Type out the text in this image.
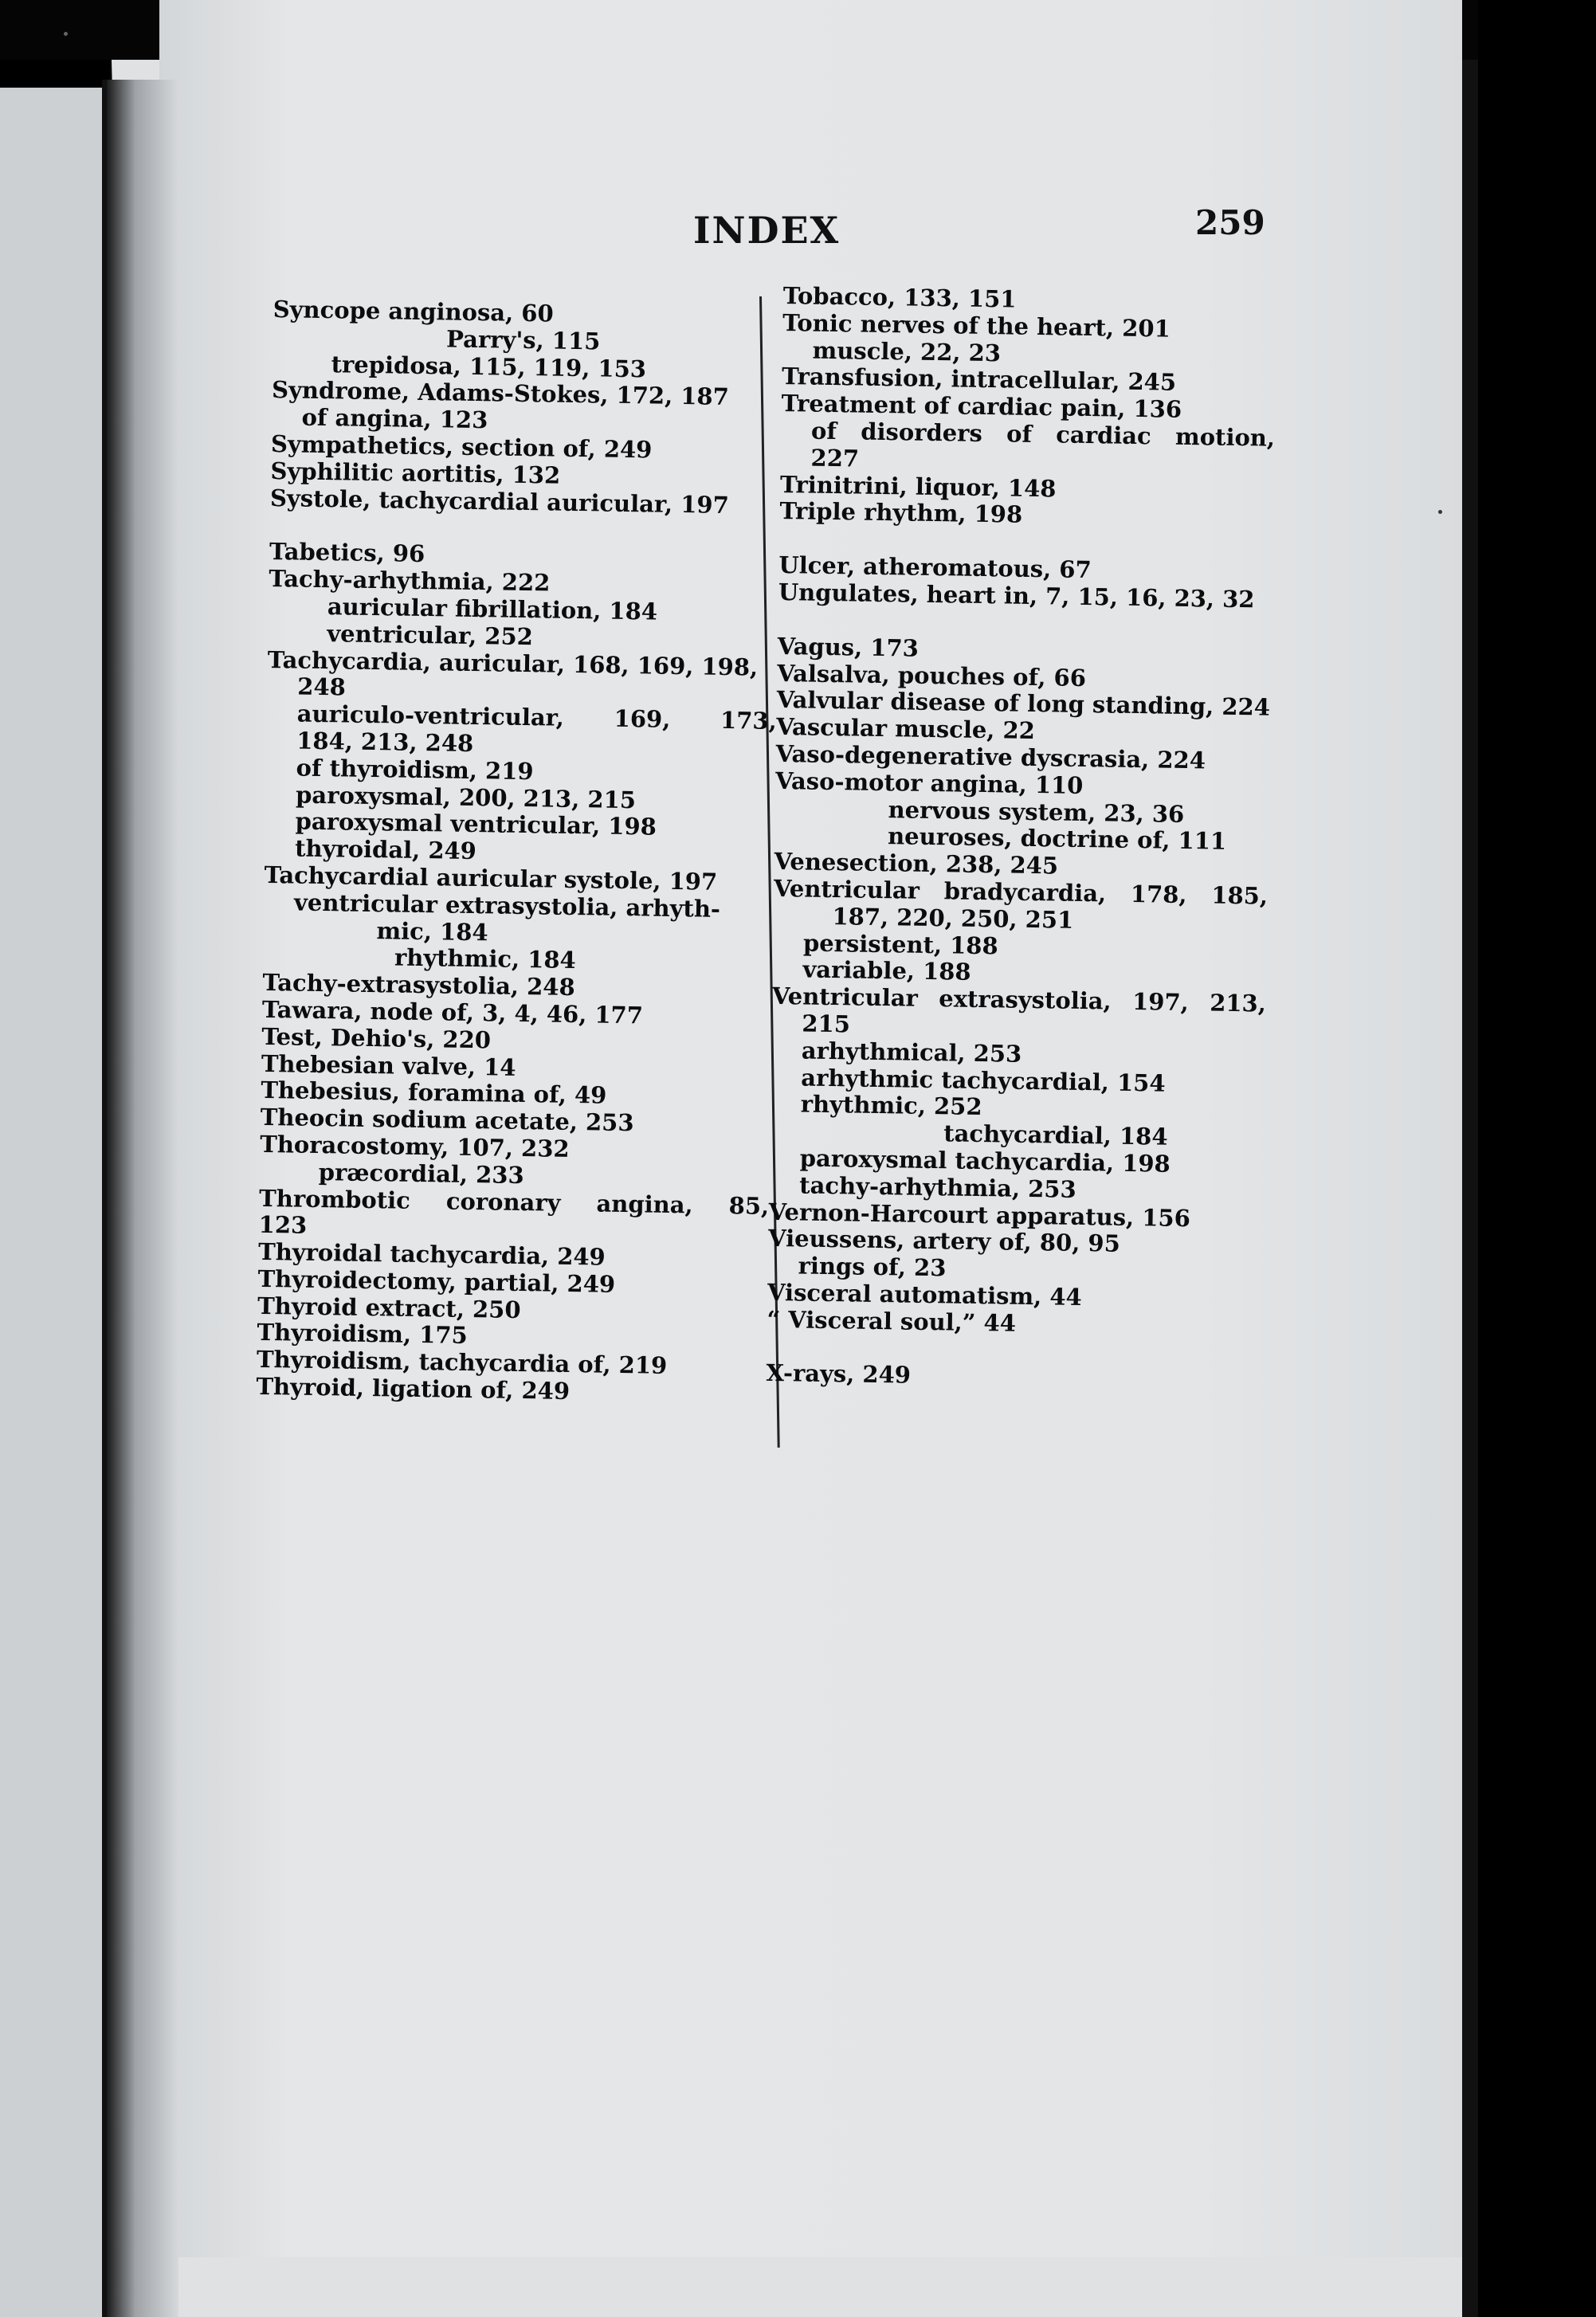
INDEX	259
Syncope anginosa, 60
Parry's, 115
trepidosa, 115, 119, 153
Syndrome, Adams-Stokes, 172, 187
of angina, 123
Sympathetics, section of, 249
Syphilitic aortitis, 132
Systole, tachycardial auricular, 197
Tabetics, 96
Tachy-arhythmia, 222
auricular fibrillation, 184
ventricular, 252
Tachycardia, auricular, 168, 169, 198,
248
auriculo-ventricular, 169, 173,
184, 213, 248
of thyroidism, 219
paroxysmal, 200, 213, 215
paroxysmal ventricular, 198
thyroidal, 249
Tachycardial auricular systole, 197
ventricular extrasystolia, arhyth-
mic, 184
rhythmic, 184
Tachy-extrasystolia, 248
Tawara, node of, 3, 4, 46, 177
Test, Dehio's, 220
Thebesian valve, 14
Thebesius, foramina of, 49
Theocin sodium acetate, 253
Thoracostomy, 107, 232
præcordial, 233
Thrombotic coronary angina, 85,
123
Thyroidal tachycardia, 249
Thyroidectomy, partial, 249
Thyroid extract, 250
Thyroidism, 175
Thyroidism, tachycardia of, 219
Thyroid, ligation of, 249
Tobacco, 133, 151
Tonic nerves of the heart, 201
muscle, 22, 23
Transfusion, intracellular, 245
Treatment of cardiac pain, 136
of disorders of cardiac motion,
227
Trinitrini, liquor, 148
Triple rhythm, 198
Ulcer, atheromatous, 67
Ungulates, heart in, 7, 15, 16, 23, 32
Vagus, 173
Valsalva, pouches of, 66
Valvular disease of long standing, 224
Vascular muscle, 22
Vaso-degenerative dyscrasia, 224
Vaso-motor angina, 110
nervous system, 23, 36
neuroses, doctrine of, 111
Venesection, 238, 245
Ventricular bradycardia, 178, 185,
187, 220, 250, 251
persistent, 188
variable, 188
Ventricular extrasystolia, 197, 213,
215
arhythmical, 253
arhythmic tachycardial, 154
rhythmic, 252
tachycardial, 184
paroxysmal tachycardia, 198
tachy-arhythmia, 253
Vernon-Harcourt apparatus, 156
Vieussens, artery of, 80, 95
rings of, 23
Visceral automatism, 44
“ Visceral soul,” 44
X-rays, 249
